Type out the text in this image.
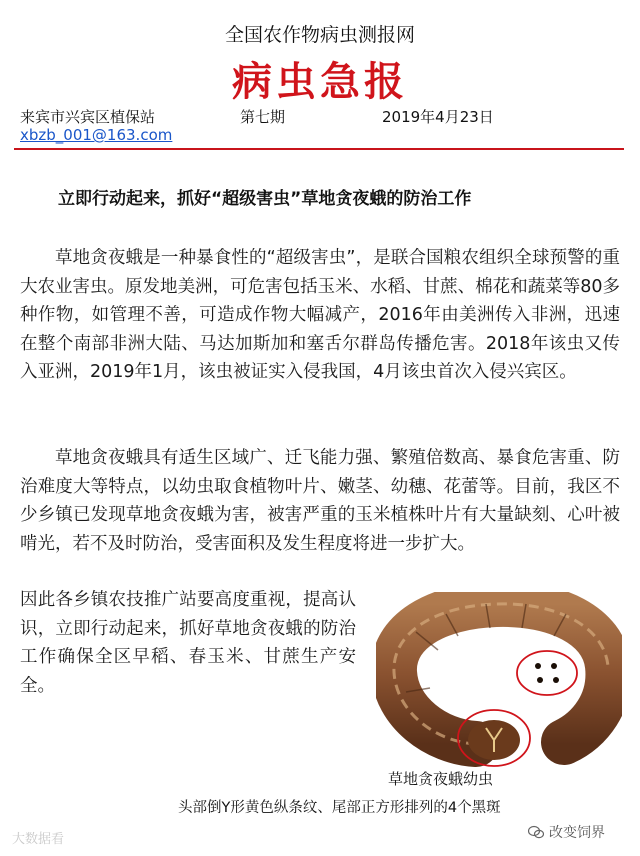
全国农作物病虫测报网
病虫急报
来宾市兴宾区植保站	第七期	2019年4月23日
xbzb_001@163.com
立即行动起来，抓好“超级害虫”草地贪夜蛾的防治工作

草地贪夜蛾是一种暴食性的“超级害虫”，是联合国粮农组织全球预警的重大农业害虫。原发地美洲，可危害包括玉米、水稻、甘蔗、棉花和蔬菜等80多种作物，如管理不善，可造成作物大幅减产，2016年由美洲传入非洲，迅速在整个南部非洲大陆、马达加斯加和塞舌尔群岛传播危害。2018年该虫又传入亚洲，2019年1月，该虫被证实入侵我国，4月该虫首次入侵兴宾区。

草地贪夜蛾具有适生区域广、迁飞能力强、繁殖倍数高、暴食危害重、防治难度大等特点，以幼虫取食植物叶片、嫩茎、幼穗、花蕾等。目前，我区不少乡镇已发现草地贪夜蛾为害，被害严重的玉米植株叶片有大量缺刻、心叶被啃光，若不及时防治，受害面积及发生程度将进一步扩大。

因此各乡镇农技推广站要高度重视，提高认识，立即行动起来，抓好草地贪夜蛾的防治工作确保全区早稻、春玉米、甘蔗生产安全。

草地贪夜蛾幼虫
头部倒Y形黄色纵条纹、尾部正方形排列的4个黑斑
大数据看	改变饲界
